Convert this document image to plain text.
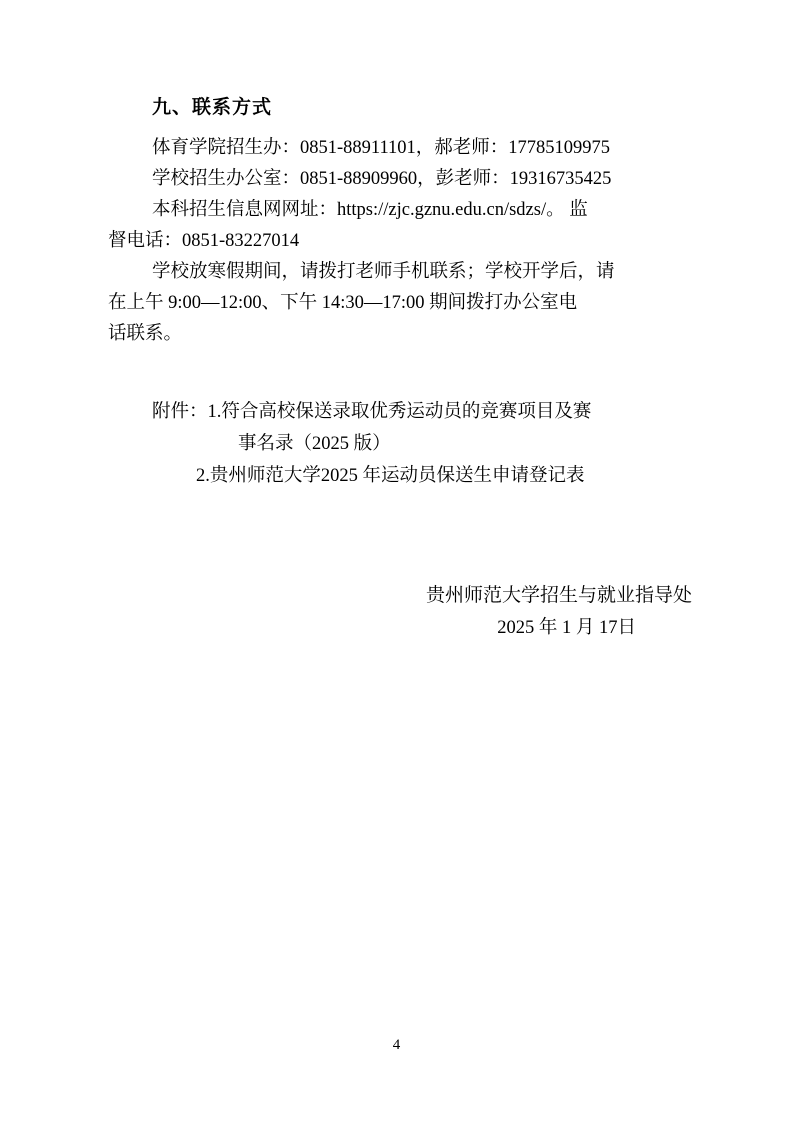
九、联系方式
体育学院招生办：0851-88911101，郝老师：17785109975
学校招生办公室：0851-88909960，彭老师：19316735425
本科招生信息网网址：https://zjc.gznu.edu.cn/sdzs/。 监
督电话：0851-83227014
学校放寒假期间，请拨打老师手机联系；学校开学后，请
在上午 9:00—12:00、下午 14:30—17:00 期间拨打办公室电
话联系。
附件：1.符合高校保送录取优秀运动员的竞赛项目及赛
事名录（2025 版）
2.贵州师范大学2025 年运动员保送生申请登记表
贵州师范大学招生与就业指导处
2025 年 1 月 17日
4
